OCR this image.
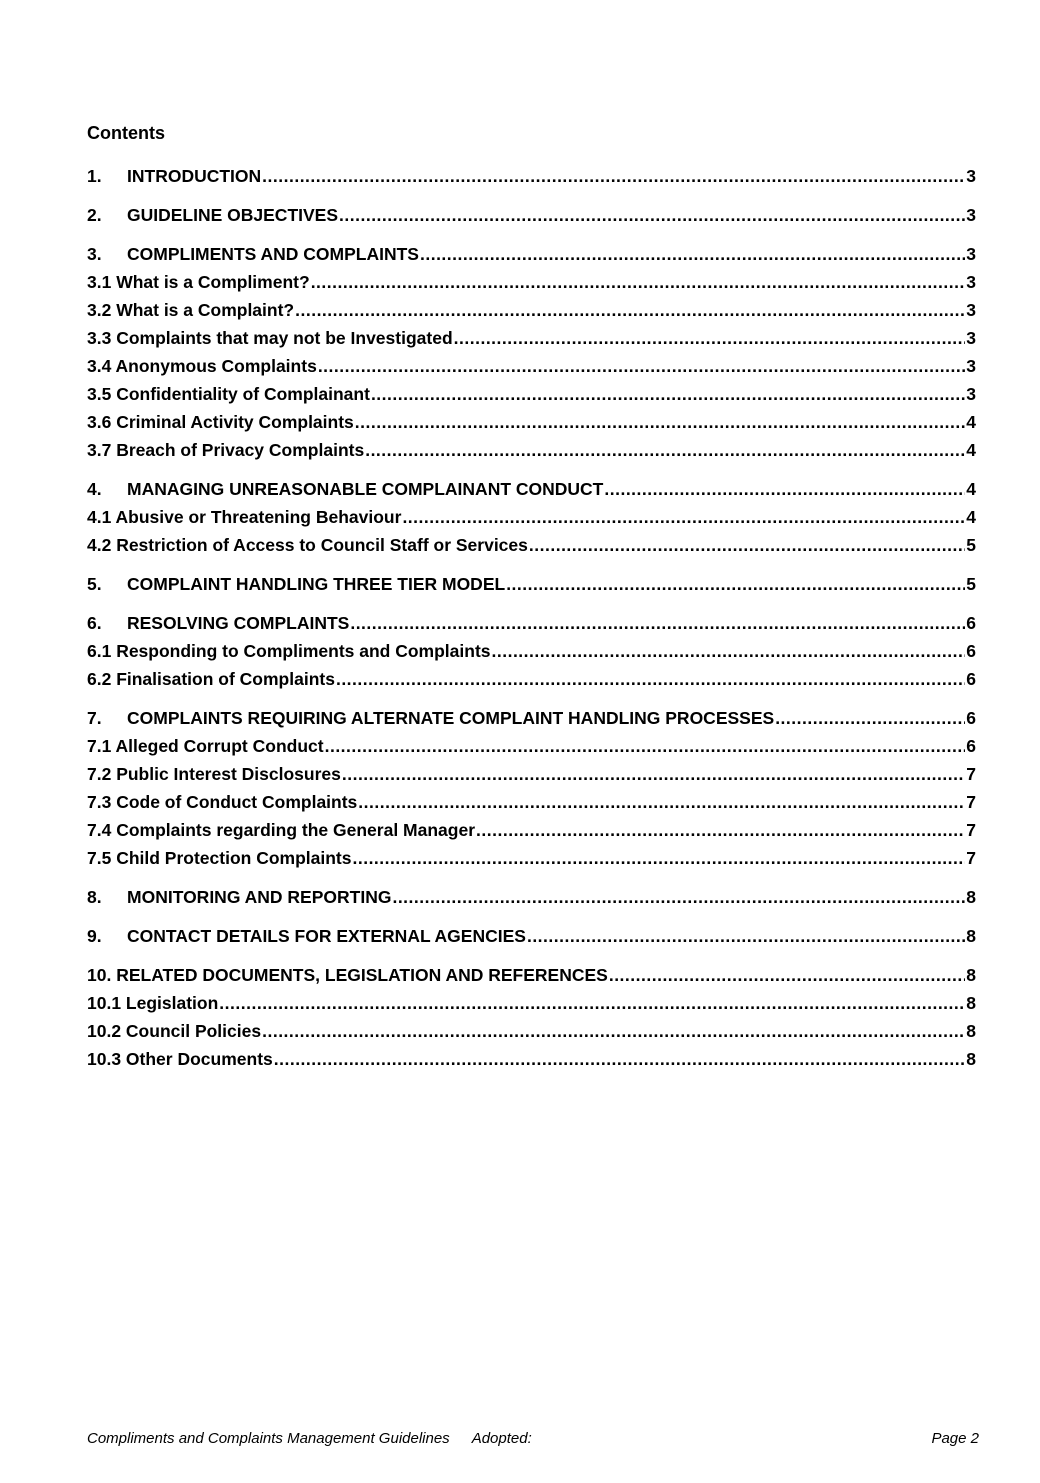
Contents
1.	INTRODUCTION .....	3
2.	GUIDELINE OBJECTIVES .....	3
3.	COMPLIMENTS AND COMPLAINTS .....	3
3.1 What is a Compliment? .....	3
3.2 What is a Complaint? .....	3
3.3 Complaints that may not be Investigated .....	3
3.4 Anonymous Complaints .....	3
3.5 Confidentiality of Complainant .....	3
3.6 Criminal Activity Complaints .....	4
3.7 Breach of Privacy Complaints .....	4
4.	MANAGING UNREASONABLE COMPLAINANT CONDUCT .....	4
4.1 Abusive or Threatening Behaviour .....	4
4.2 Restriction of Access to Council Staff or Services .....	5
5.	COMPLAINT HANDLING THREE TIER MODEL .....	5
6.	RESOLVING COMPLAINTS .....	6
6.1 Responding to Compliments and Complaints .....	6
6.2 Finalisation of Complaints .....	6
7.	COMPLAINTS REQUIRING ALTERNATE COMPLAINT HANDLING PROCESSES .....	6
7.1 Alleged Corrupt Conduct .....	6
7.2 Public Interest Disclosures .....	7
7.3 Code of Conduct Complaints .....	7
7.4 Complaints regarding the General Manager .....	7
7.5 Child Protection Complaints .....	7
8.	MONITORING AND REPORTING .....	8
9.	CONTACT DETAILS FOR EXTERNAL AGENCIES .....	8
10. RELATED DOCUMENTS, LEGISLATION AND REFERENCES .....	8
10.1 Legislation .....	8
10.2 Council Policies .....	8
10.3 Other Documents .....	8
Compliments and Complaints Management Guidelines Adopted:	Page 2
